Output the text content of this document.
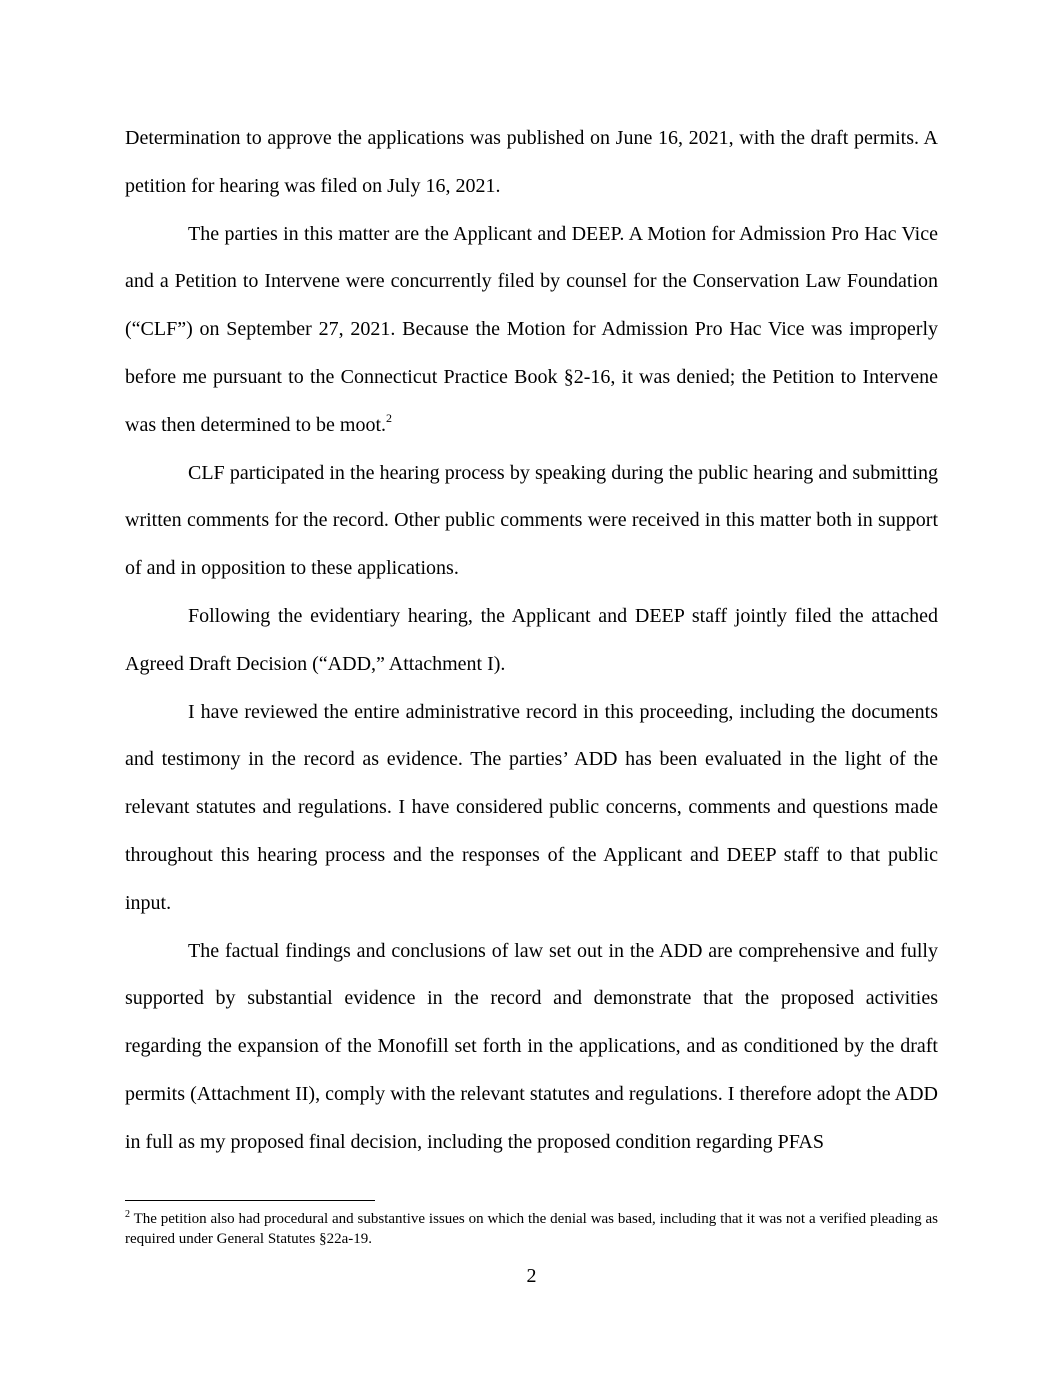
Determination to approve the applications was published on June 16, 2021, with the draft permits. A petition for hearing was filed on July 16, 2021.

The parties in this matter are the Applicant and DEEP. A Motion for Admission Pro Hac Vice and a Petition to Intervene were concurrently filed by counsel for the Conservation Law Foundation (“CLF”) on September 27, 2021. Because the Motion for Admission Pro Hac Vice was improperly before me pursuant to the Connecticut Practice Book §2-16, it was denied; the Petition to Intervene was then determined to be moot.$^2$

CLF participated in the hearing process by speaking during the public hearing and submitting written comments for the record. Other public comments were received in this matter both in support of and in opposition to these applications.

Following the evidentiary hearing, the Applicant and DEEP staff jointly filed the attached Agreed Draft Decision (“ADD,” Attachment I).

I have reviewed the entire administrative record in this proceeding, including the documents and testimony in the record as evidence. The parties’ ADD has been evaluated in the light of the relevant statutes and regulations. I have considered public concerns, comments and questions made throughout this hearing process and the responses of the Applicant and DEEP staff to that public input.

The factual findings and conclusions of law set out in the ADD are comprehensive and fully supported by substantial evidence in the record and demonstrate that the proposed activities regarding the expansion of the Monofill set forth in the applications, and as conditioned by the draft permits (Attachment II), comply with the relevant statutes and regulations. I therefore adopt the ADD in full as my proposed final decision, including the proposed condition regarding PFAS

$^2$ The petition also had procedural and substantive issues on which the denial was based, including that it was not a verified pleading as required under General Statutes §22a-19.
2
